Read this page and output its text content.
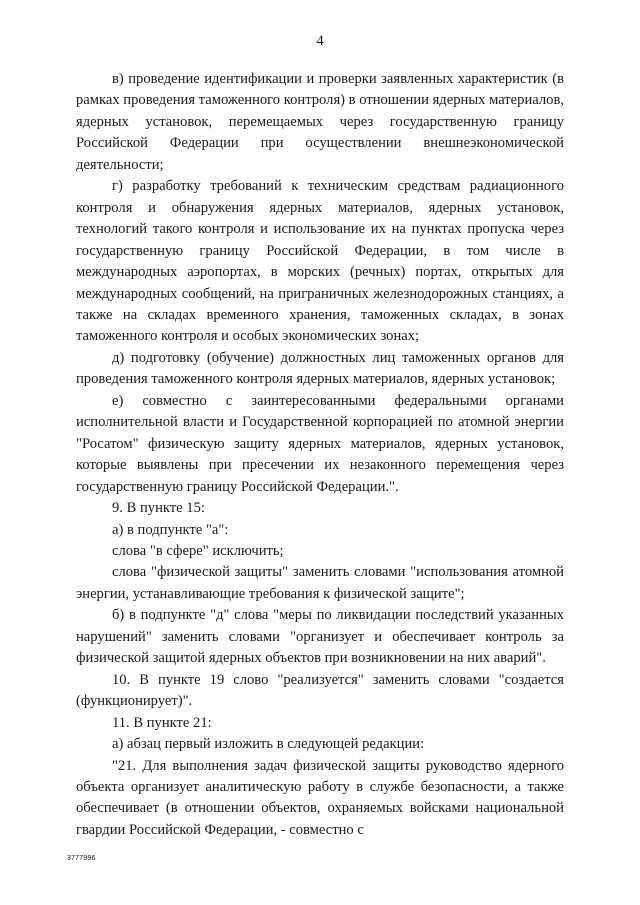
4

в) проведение идентификации и проверки заявленных характеристик (в рамках проведения таможенного контроля) в отношении ядерных материалов, ядерных установок, перемещаемых через государственную границу Российской Федерации при осуществлении внешнеэкономической деятельности;

г) разработку требований к техническим средствам радиационного контроля и обнаружения ядерных материалов, ядерных установок, технологий такого контроля и использование их на пунктах пропуска через государственную границу Российской Федерации, в том числе в международных аэропортах, в морских (речных) портах, открытых для международных сообщений, на приграничных железнодорожных станциях, а также на складах временного хранения, таможенных складах, в зонах таможенного контроля и особых экономических зонах;

д) подготовку (обучение) должностных лиц таможенных органов для проведения таможенного контроля ядерных материалов, ядерных установок;

е) совместно с заинтересованными федеральными органами исполнительной власти и Государственной корпорацией по атомной энергии "Росатом" физическую защиту ядерных материалов, ядерных установок, которые выявлены при пресечении их незаконного перемещения через государственную границу Российской Федерации.".

9. В пункте 15:

а) в подпункте "а":

слова "в сфере" исключить;

слова "физической защиты" заменить словами "использования атомной энергии, устанавливающие требования к физической защите";

б) в подпункте "д" слова "меры по ликвидации последствий указанных нарушений" заменить словами "организует и обеспечивает контроль за физической защитой ядерных объектов при возникновении на них аварий".

10. В пункте 19 слово "реализуется" заменить словами "создается (функционирует)".

11. В пункте 21:

а) абзац первый изложить в следующей редакции:

"21. Для выполнения задач физической защиты руководство ядерного объекта организует аналитическую работу в службе безопасности, а также обеспечивает (в отношении объектов, охраняемых войсками национальной гвардии Российской Федерации, - совместно с

3777996
